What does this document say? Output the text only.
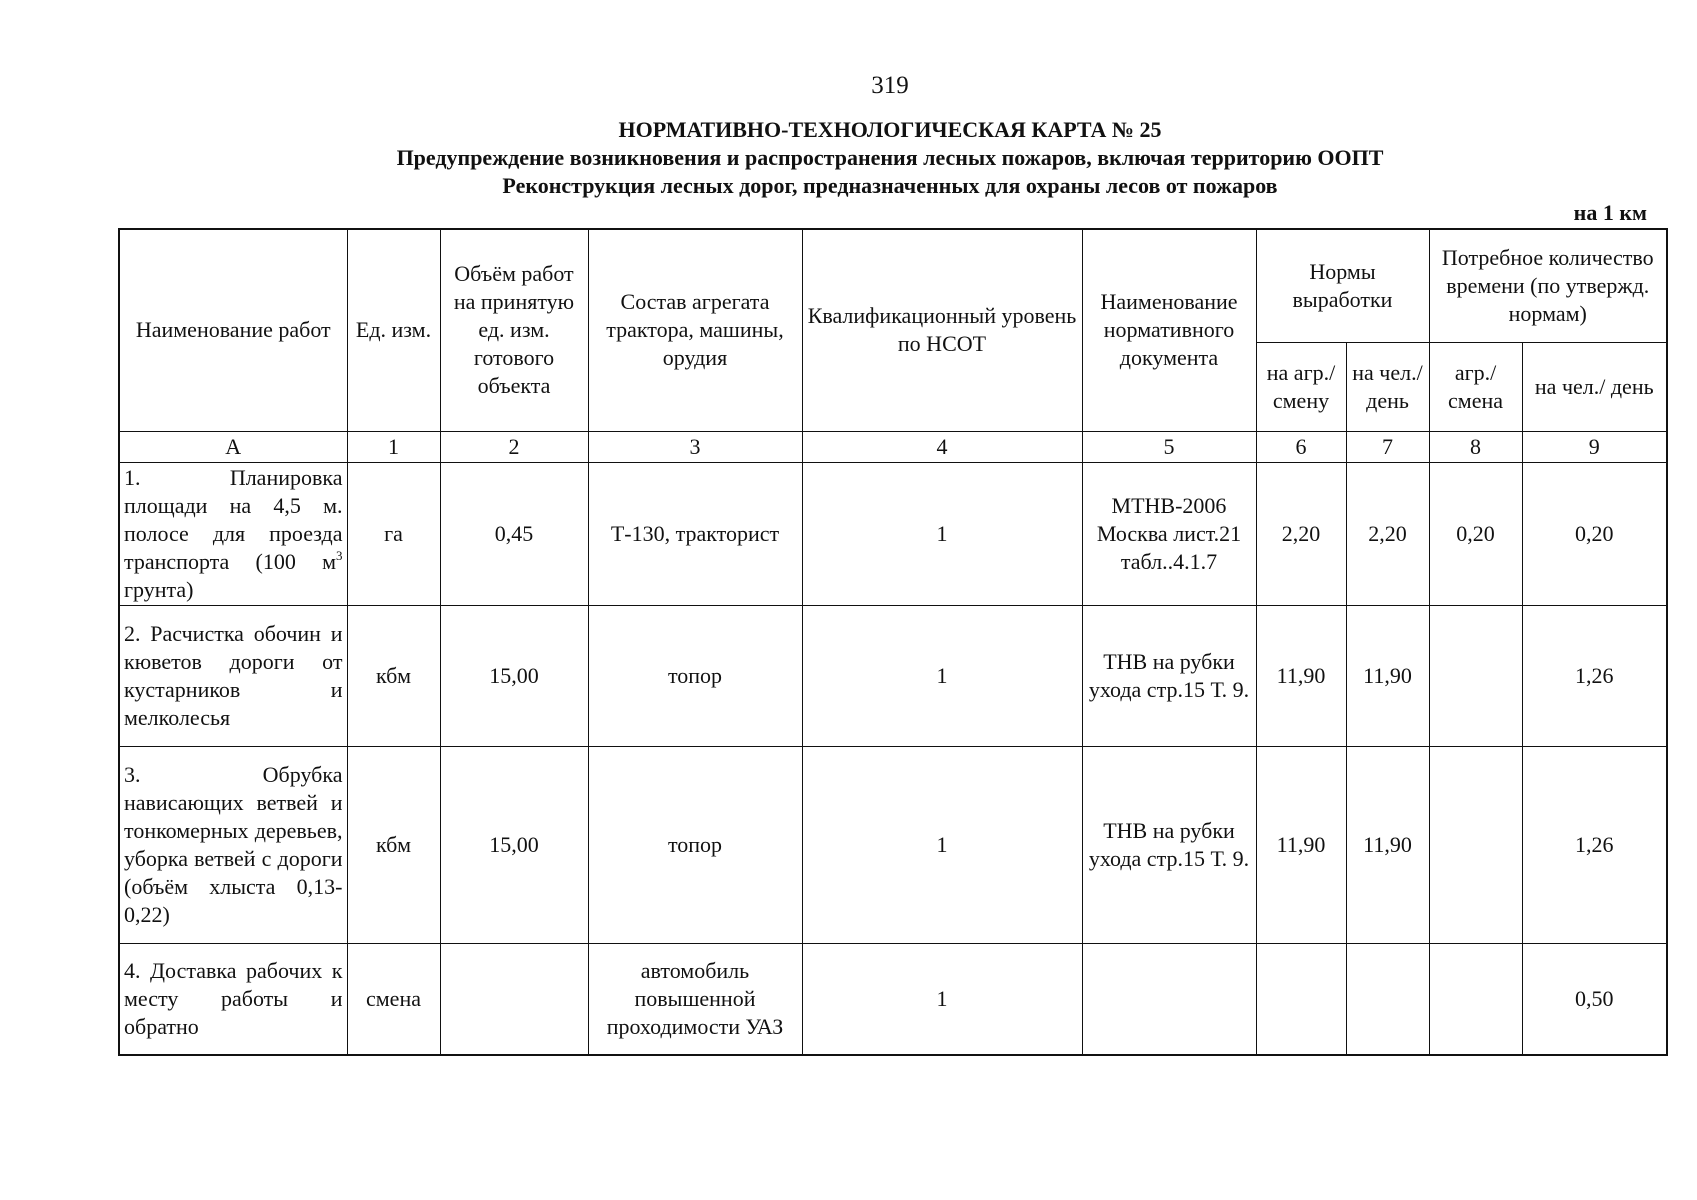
319
НОРМАТИВНО-ТЕХНОЛОГИЧЕСКАЯ КАРТА № 25
Предупреждение возникновения и распространения лесных пожаров, включая территорию ООПТ
Реконструкция лесных дорог, предназначенных для охраны лесов от пожаров
на 1 км
Наименование работ	Ед. изм.	Объём работ на принятую ед. изм. готового объекта	Состав агрегата трактора, машины, орудия	Квалификационный уровень по НСОТ	Наименование нормативного документа	Нормы выработки		Потребное количество времени (по утвержд. нормам)	
						на агр./ смену	на чел./ день	агр./ смена	на чел./ день
А	1	2	3	4	5	6	7	8	9
1. Планировка площади на 4,5 м. полосе для проезда транспорта (100 $м^3$ грунта)	га	0,45	Т-130, тракторист	1	МТНВ-2006 Москва лист.21 табл..4.1.7	2,20	2,20	0,20	0,20
2. Расчистка обочин и кюветов дороги от кустарников и мелколесья	кбм	15,00	топор	1	ТНВ на рубки ухода стр.15 Т. 9.	11,90	11,90		1,26
3. Обрубка нависающих ветвей и тонкомерных деревьев, уборка ветвей с дороги (объём хлыста 0,13-0,22)	кбм	15,00	топор	1	ТНВ на рубки ухода стр.15 Т. 9.	11,90	11,90		1,26
4. Доставка рабочих к месту работы и обратно	смена		автомобиль повышенной проходимости УАЗ	1					0,50
